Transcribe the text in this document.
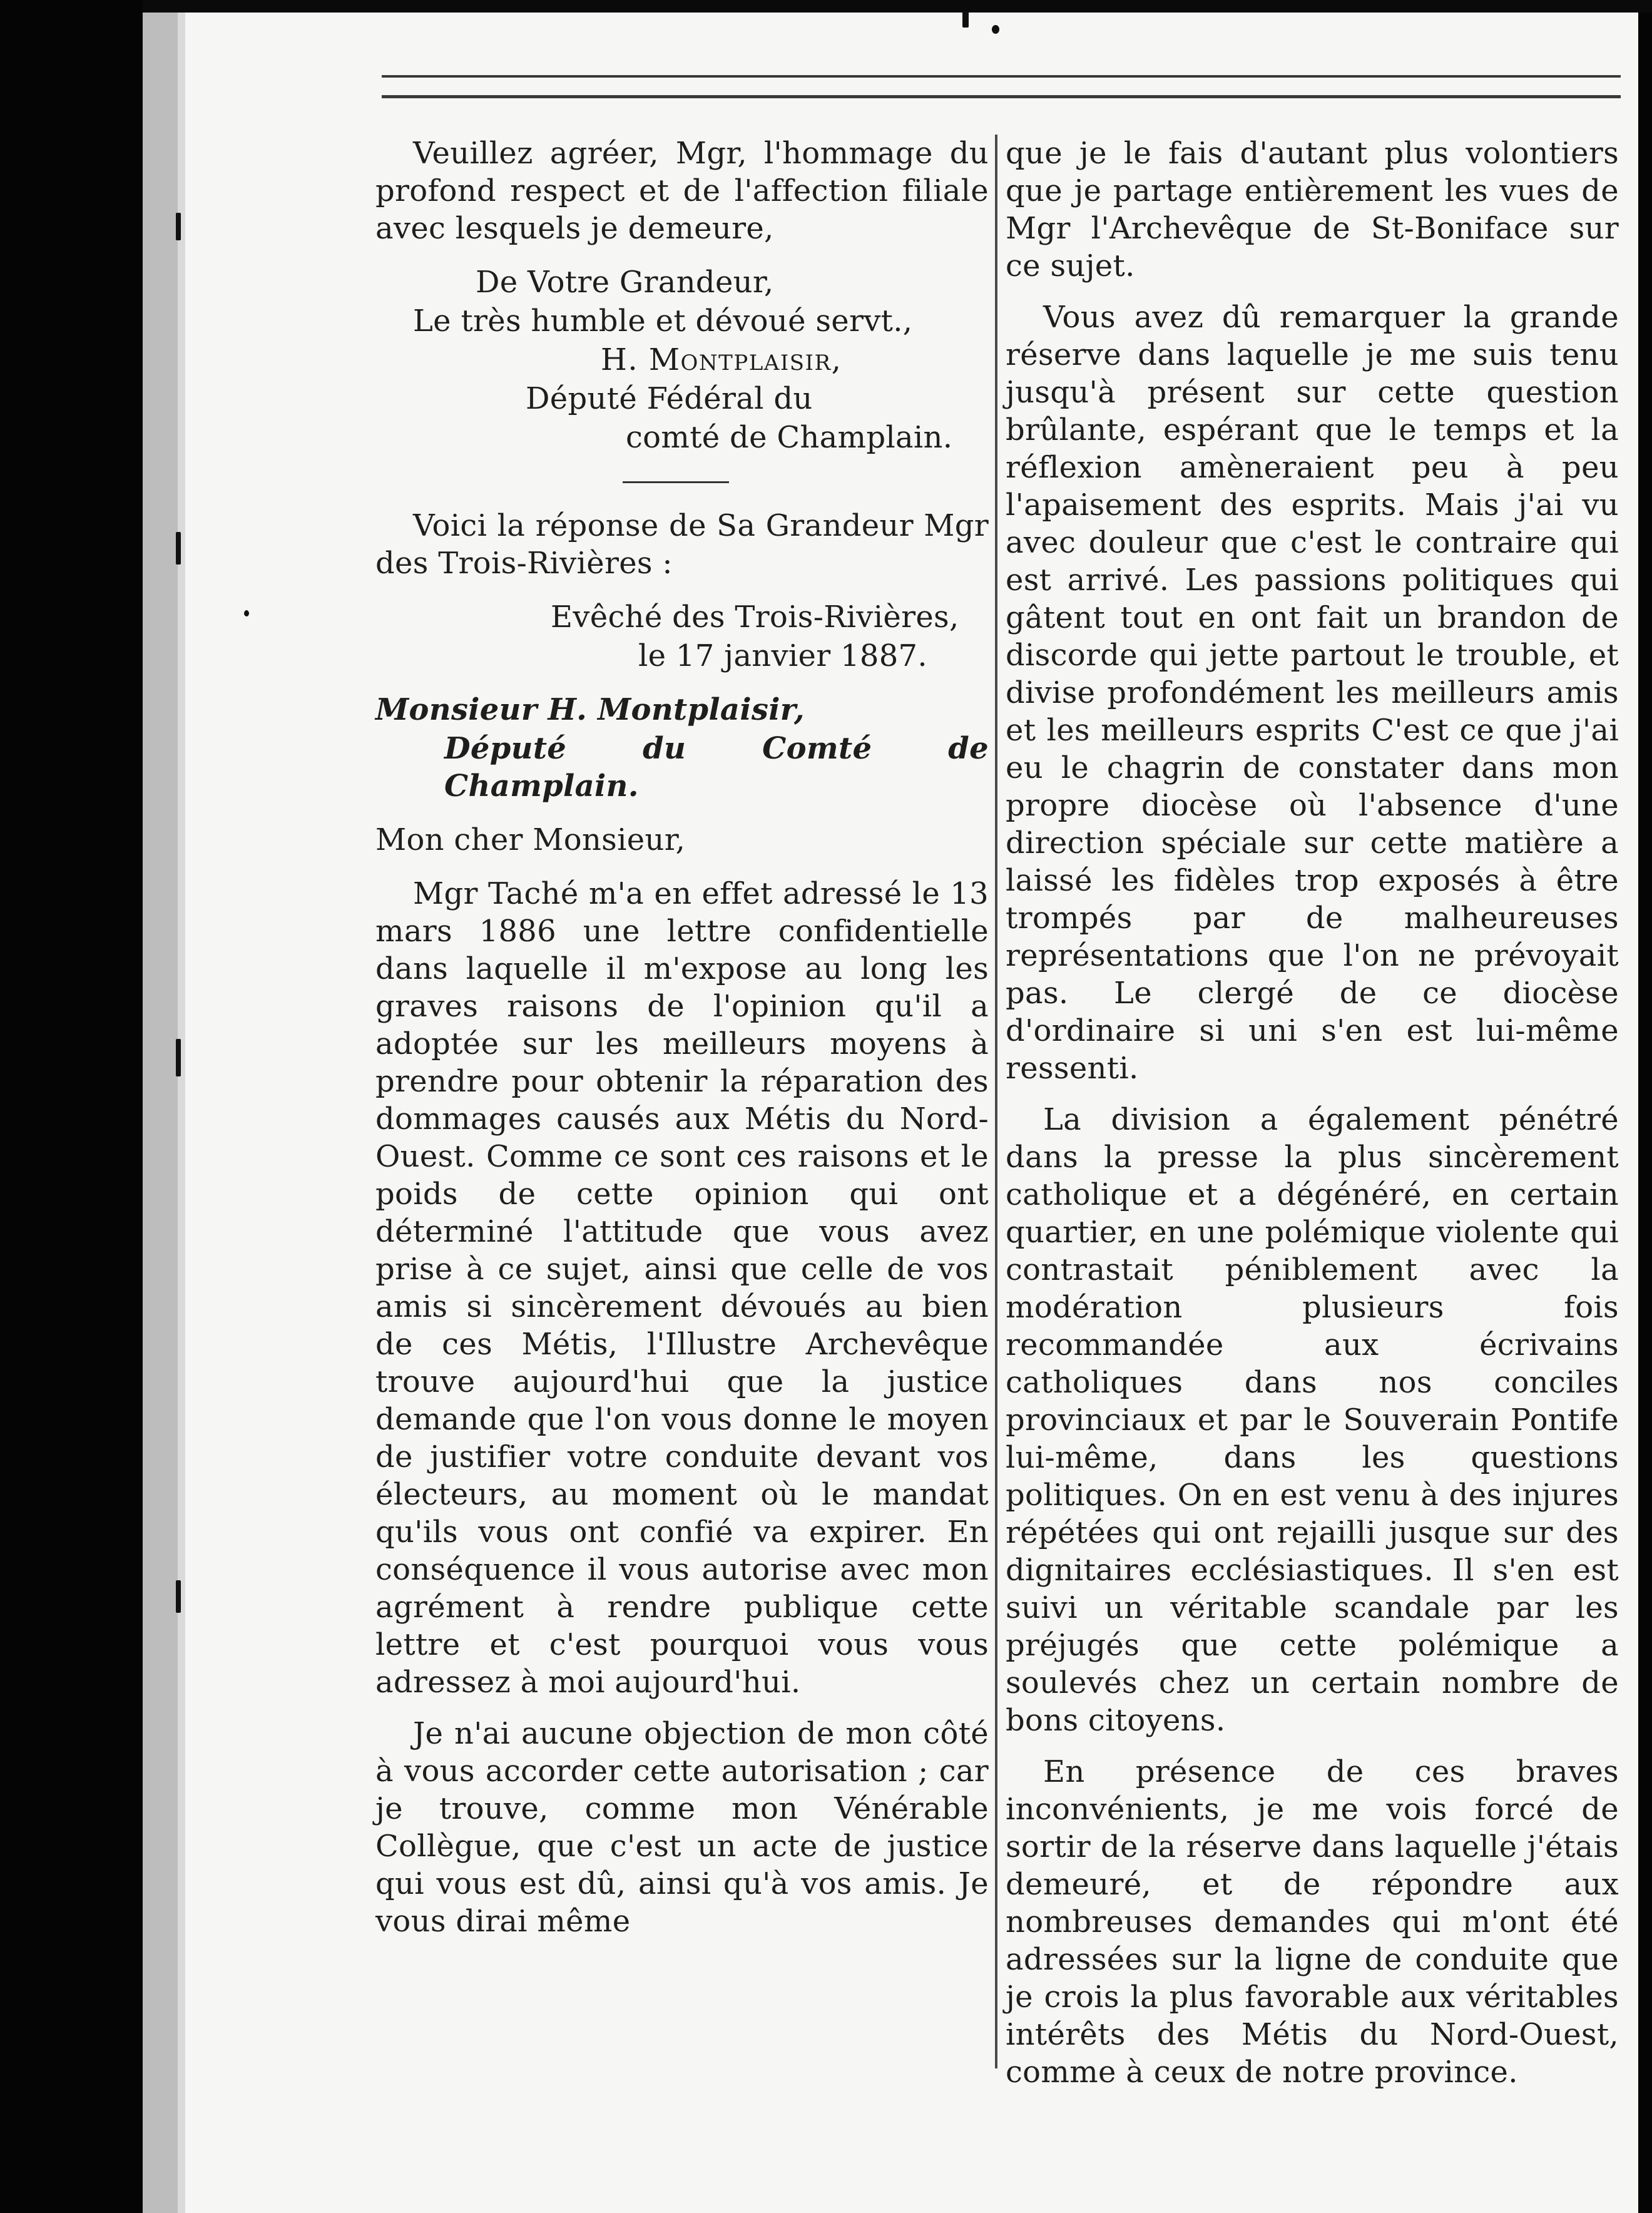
Veuillez agréer, Mgr, l'hommage du profond respect et de l'affection filiale avec lesquels je demeure,

De Votre Grandeur,

Le très humble et dévoué servt.,

H. Montplaisir,

Député Fédéral du

comté de Champlain.

Voici la réponse de Sa Grandeur Mgr des Trois-Rivières :

Evêché des Trois-Rivières,

le 17 janvier 1887.

Monsieur H. Montplaisir,

Député du Comté de Champlain.

Mon cher Monsieur,

Mgr Taché m'a en effet adressé le 13 mars 1886 une lettre confidentielle dans laquelle il m'expose au long les graves raisons de l'opinion qu'il a adoptée sur les meilleurs moyens à prendre pour obtenir la réparation des dommages causés aux Métis du Nord-Ouest. Comme ce sont ces raisons et le poids de cette opinion qui ont déterminé l'attitude que vous avez prise à ce sujet, ainsi que celle de vos amis si sincèrement dévoués au bien de ces Métis, l'Illustre Archevêque trouve aujourd'hui que la justice demande que l'on vous donne le moyen de justifier votre conduite devant vos électeurs, au moment où le mandat qu'ils vous ont confié va expirer. En conséquence il vous autorise avec mon agrément à rendre publique cette lettre et c'est pourquoi vous vous adressez à moi aujourd'hui.

Je n'ai aucune objection de mon côté à vous accorder cette autorisation ; car je trouve, comme mon Vénérable Collègue, que c'est un acte de justice qui vous est dû, ainsi qu'à vos amis. Je vous dirai même

que je le fais d'autant plus volontiers que je partage entièrement les vues de Mgr l'Archevêque de St-Boniface sur ce sujet.

Vous avez dû remarquer la grande réserve dans laquelle je me suis tenu jusqu'à présent sur cette question brûlante, espérant que le temps et la réflexion amèneraient peu à peu l'apaisement des esprits. Mais j'ai vu avec douleur que c'est le contraire qui est arrivé. Les passions politiques qui gâtent tout en ont fait un brandon de discorde qui jette partout le trouble, et divise profondément les meilleurs amis et les meilleurs esprits C'est ce que j'ai eu le chagrin de constater dans mon propre diocèse où l'absence d'une direction spéciale sur cette matière a laissé les fidèles trop exposés à être trompés par de malheureuses représentations que l'on ne prévoyait pas. Le clergé de ce diocèse d'ordinaire si uni s'en est lui-même ressenti.

La division a également pénétré dans la presse la plus sincèrement catholique et a dégénéré, en certain quartier, en une polémique violente qui contrastait péniblement avec la modération plusieurs fois recommandée aux écrivains catholiques dans nos conciles provinciaux et par le Souverain Pontife lui-même, dans les questions politiques. On en est venu à des injures répétées qui ont rejailli jusque sur des dignitaires ecclésiastiques. Il s'en est suivi un véritable scandale par les préjugés que cette polémique a soulevés chez un certain nombre de bons citoyens.

En présence de ces braves inconvénients, je me vois forcé de sortir de la réserve dans laquelle j'étais demeuré, et de répondre aux nombreuses demandes qui m'ont été adressées sur la ligne de conduite que je crois la plus favorable aux véritables intérêts des Métis du Nord-Ouest, comme à ceux de notre province.
